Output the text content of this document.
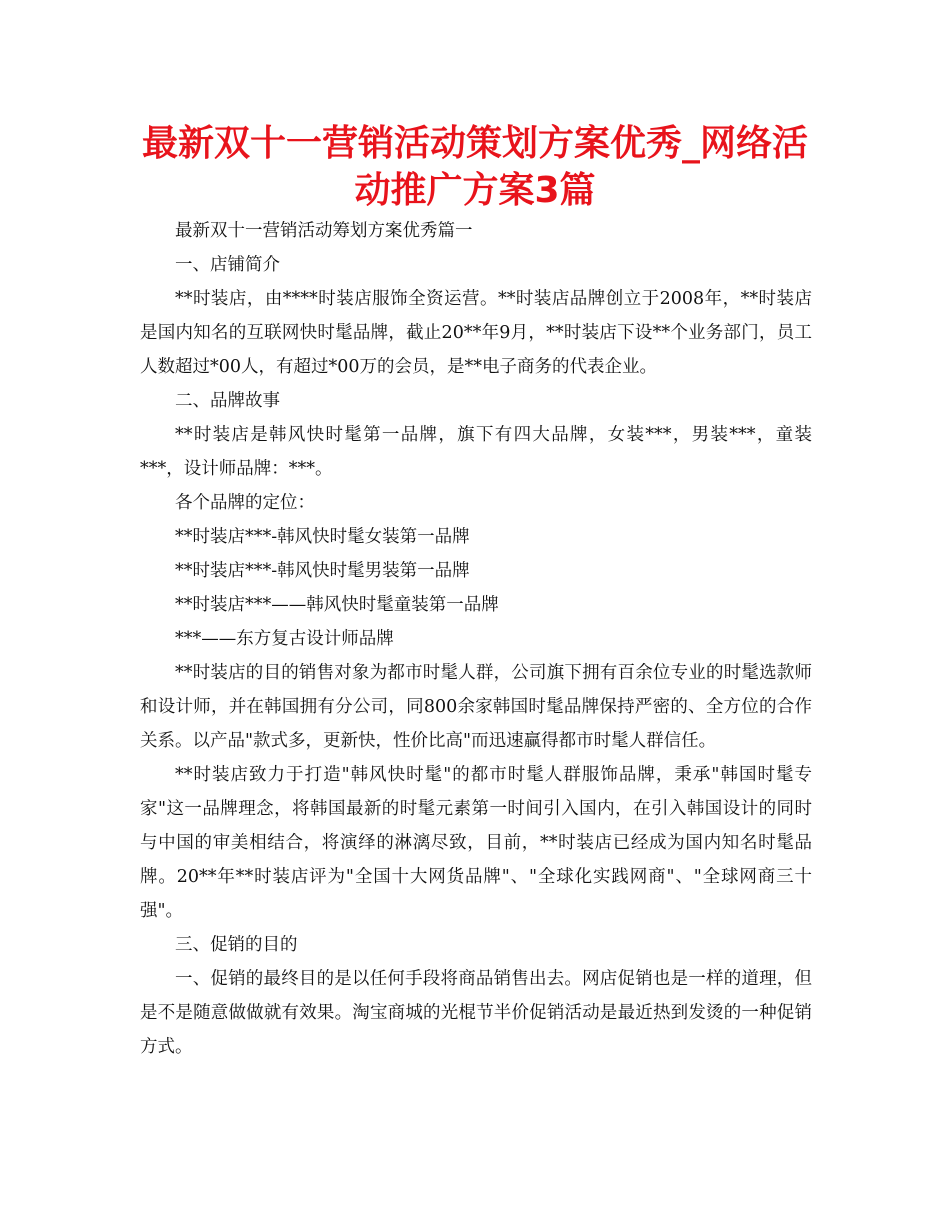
最新双十一营销活动策划方案优秀_网络活
动推广方案3篇

最新双十一营销活动筹划方案优秀篇一

一、店铺简介

**时装店，由****时装店服饰全资运营。**时装店品牌创立于2008年，**时装店是国内知名的互联网快时髦品牌，截止20**年9月，**时装店下设**个业务部门，员工人数超过*00人，有超过*00万的会员，是**电子商务的代表企业。

二、品牌故事

**时装店是韩风快时髦第一品牌，旗下有四大品牌，女装***，男装***，童装***，设计师品牌：***。

各个品牌的定位：

**时装店***-韩风快时髦女装第一品牌

**时装店***-韩风快时髦男装第一品牌

**时装店***——韩风快时髦童装第一品牌

***——东方复古设计师品牌

**时装店的目的销售对象为都市时髦人群，公司旗下拥有百余位专业的时髦选款师和设计师，并在韩国拥有分公司，同800余家韩国时髦品牌保持严密的、全方位的合作关系。以产品"款式多，更新快，性价比高"而迅速赢得都市时髦人群信任。

**时装店致力于打造"韩风快时髦"的都市时髦人群服饰品牌，秉承"韩国时髦专家"这一品牌理念，将韩国最新的时髦元素第一时间引入国内，在引入韩国设计的同时与中国的审美相结合，将演绎的淋漓尽致，目前，**时装店已经成为国内知名时髦品牌。20**年**时装店评为"全国十大网货品牌"、"全球化实践网商"、"全球网商三十强"。

三、促销的目的

一、促销的最终目的是以任何手段将商品销售出去。网店促销也是一样的道理，但是不是随意做做就有效果。淘宝商城的光棍节半价促销活动是最近热到发烫的一种促销方式。
